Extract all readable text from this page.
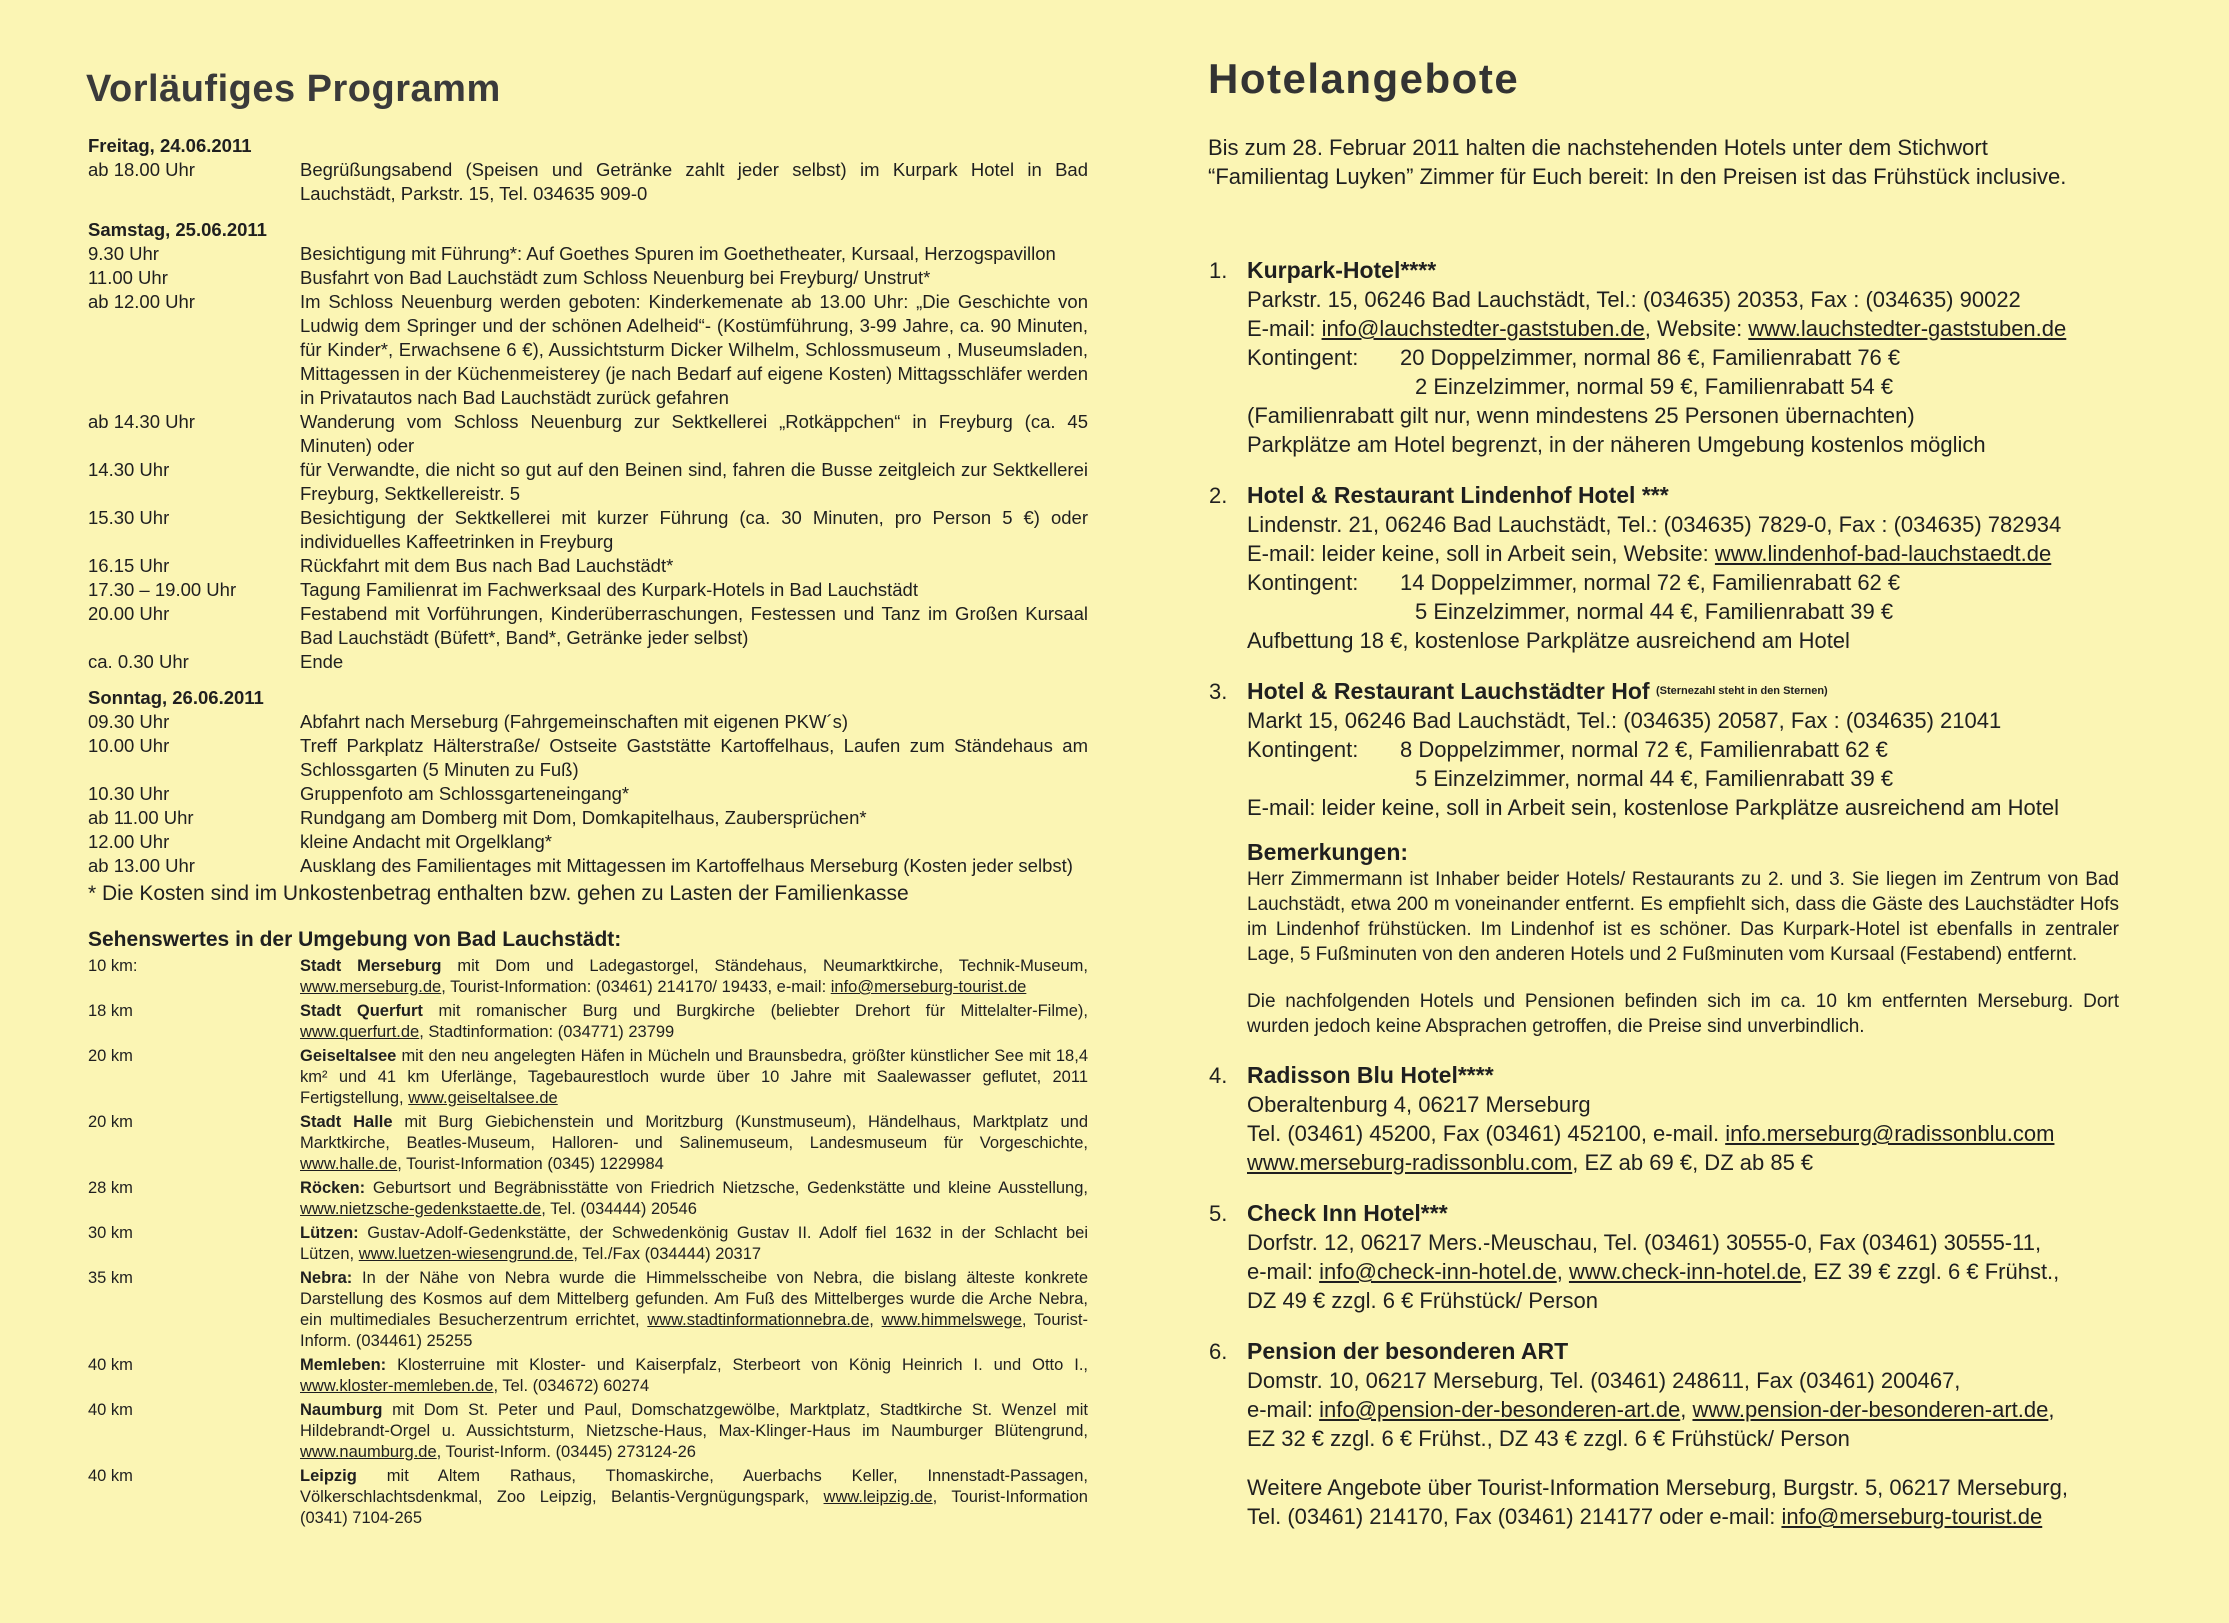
Vorläufiges Programm
Freitag, 24.06.2011
ab 18.00 Uhr	Begrüßungsabend (Speisen und Getränke zahlt jeder selbst) im Kurpark Hotel in Bad Lauchstädt, Parkstr. 15, Tel. 034635 909-0
Samstag, 25.06.2011
9.30 Uhr	Besichtigung mit Führung*: Auf Goethes Spuren im Goethetheater, Kursaal, Herzogspavillon
11.00 Uhr	Busfahrt von Bad Lauchstädt zum Schloss Neuenburg bei Freyburg/ Unstrut*
ab 12.00 Uhr	Im Schloss Neuenburg werden geboten: Kinderkemenate ab 13.00 Uhr: „Die Geschichte von Ludwig dem Springer und der schönen Adelheid“- (Kostümführung, 3-99 Jahre, ca. 90 Minuten, für Kinder*, Erwachsene 6 €), Aussichtsturm Dicker Wilhelm, Schlossmuseum , Museumsladen, Mittagessen in der Küchenmeisterey (je nach Bedarf auf eigene Kosten) Mittagsschläfer werden in Privatautos nach Bad Lauchstädt zurück gefahren
ab 14.30 Uhr	Wanderung vom Schloss Neuenburg zur Sektkellerei „Rotkäppchen“ in Freyburg (ca. 45 Minuten) oder
14.30 Uhr	für Verwandte, die nicht so gut auf den Beinen sind, fahren die Busse zeitgleich zur Sektkellerei Freyburg, Sektkellereistr. 5
15.30 Uhr	Besichtigung der Sektkellerei mit kurzer Führung (ca. 30 Minuten, pro Person 5 €) oder individuelles Kaffeetrinken in Freyburg
16.15 Uhr	Rückfahrt mit dem Bus nach Bad Lauchstädt*
17.30 – 19.00 Uhr	Tagung Familienrat im Fachwerksaal des Kurpark-Hotels in Bad Lauchstädt
20.00 Uhr	Festabend mit Vorführungen, Kinderüberraschungen, Festessen und Tanz im Großen Kursaal Bad Lauchstädt (Büfett*, Band*, Getränke jeder selbst)
ca. 0.30 Uhr	Ende
Sonntag, 26.06.2011
09.30 Uhr	Abfahrt nach Merseburg (Fahrgemeinschaften mit eigenen PKW´s)
10.00 Uhr	Treff Parkplatz Hälterstraße/ Ostseite Gaststätte Kartoffelhaus, Laufen zum Ständehaus am Schlossgarten (5 Minuten zu Fuß)
10.30 Uhr	Gruppenfoto am Schlossgarteneingang*
ab 11.00 Uhr	Rundgang am Domberg mit Dom, Domkapitelhaus, Zaubersprüchen*
12.00 Uhr	kleine Andacht mit Orgelklang*
ab 13.00 Uhr	Ausklang des Familientages mit Mittagessen im Kartoffelhaus Merseburg (Kosten jeder selbst)
* Die Kosten sind im Unkostenbetrag enthalten bzw. gehen zu Lasten der Familienkasse
Sehenswertes in der Umgebung von Bad Lauchstädt:
10 km:	Stadt Merseburg mit Dom und Ladegastorgel, Ständehaus, Neumarktkirche, Technik-Museum, www.merseburg.de, Tourist-Information: (03461) 214170/ 19433, e-mail: info@merseburg-tourist.de
18 km	Stadt Querfurt mit romanischer Burg und Burgkirche (beliebter Drehort für Mittelalter-Filme), www.querfurt.de, Stadtinformation: (034771) 23799
20 km	Geiseltalsee mit den neu angelegten Häfen in Mücheln und Braunsbedra, größter künstlicher See mit 18,4 km² und 41 km Uferlänge, Tagebaurestloch wurde über 10 Jahre mit Saalewasser geflutet, 2011 Fertigstellung, www.geiseltalsee.de
20 km	Stadt Halle mit Burg Giebichenstein und Moritzburg (Kunstmuseum), Händelhaus, Marktplatz und Marktkirche, Beatles-Museum, Halloren- und Salinemuseum, Landesmuseum für Vorgeschichte, www.halle.de, Tourist-Information (0345) 1229984
28 km	Röcken: Geburtsort und Begräbnisstätte von Friedrich Nietzsche, Gedenkstätte und kleine Ausstellung, www.nietzsche-gedenkstaette.de, Tel. (034444) 20546
30 km	Lützen: Gustav-Adolf-Gedenkstätte, der Schwedenkönig Gustav II. Adolf fiel 1632 in der Schlacht bei Lützen, www.luetzen-wiesengrund.de, Tel./Fax (034444) 20317
35 km	Nebra: In der Nähe von Nebra wurde die Himmelsscheibe von Nebra, die bislang älteste konkrete Darstellung des Kosmos auf dem Mittelberg gefunden. Am Fuß des Mittelberges wurde die Arche Nebra, ein multimediales Besucherzentrum errichtet, www.stadtinformationnebra.de, www.himmelswege, Tourist-Inform. (034461) 25255
40 km	Memleben: Klosterruine mit Kloster- und Kaiserpfalz, Sterbeort von König Heinrich I. und Otto I., www.kloster-memleben.de, Tel. (034672) 60274
40 km	Naumburg mit Dom St. Peter und Paul, Domschatzgewölbe, Marktplatz, Stadtkirche St. Wenzel mit Hildebrandt-Orgel u. Aussichtsturm, Nietzsche-Haus, Max-Klinger-Haus im Naumburger Blütengrund, www.naumburg.de, Tourist-Inform. (03445) 273124-26
40 km	Leipzig mit Altem Rathaus, Thomaskirche, Auerbachs Keller, Innenstadt-Passagen, Völkerschlachtsdenkmal, Zoo Leipzig, Belantis-Vergnügungspark, www.leipzig.de, Tourist-Information (0341) 7104-265
Hotelangebote
Bis zum 28. Februar 2011 halten die nachstehenden Hotels unter dem Stichwort “Familientag Luyken” Zimmer für Euch bereit: In den Preisen ist das Frühstück inclusive.
1. Kurpark-Hotel****
Parkstr. 15, 06246 Bad Lauchstädt, Tel.: (034635) 20353, Fax : (034635) 90022
E-mail: info@lauchstedter-gaststuben.de, Website: www.lauchstedter-gaststuben.de
Kontingent:	20 Doppelzimmer, normal 86 €, Familienrabatt 76 €
2 Einzelzimmer, normal 59 €, Familienrabatt 54 €
(Familienrabatt gilt nur, wenn mindestens 25 Personen übernachten)
Parkplätze am Hotel begrenzt, in der näheren Umgebung kostenlos möglich
2. Hotel & Restaurant Lindenhof Hotel ***
Lindenstr. 21, 06246 Bad Lauchstädt, Tel.: (034635) 7829-0, Fax : (034635) 782934
E-mail: leider keine, soll in Arbeit sein, Website: www.lindenhof-bad-lauchstaedt.de
Kontingent:	14 Doppelzimmer, normal 72 €, Familienrabatt 62 €
5 Einzelzimmer, normal 44 €, Familienrabatt 39 €
Aufbettung 18 €, kostenlose Parkplätze ausreichend am Hotel
3. Hotel & Restaurant Lauchstädter Hof $^{(Sternezahl steht in den Sternen)}$
Markt 15, 06246 Bad Lauchstädt, Tel.: (034635) 20587, Fax : (034635) 21041
Kontingent:	8 Doppelzimmer, normal 72 €, Familienrabatt 62 €
5 Einzelzimmer, normal 44 €, Familienrabatt 39 €
E-mail: leider keine, soll in Arbeit sein, kostenlose Parkplätze ausreichend am Hotel
Bemerkungen:
Herr Zimmermann ist Inhaber beider Hotels/ Restaurants zu 2. und 3. Sie liegen im Zentrum von Bad Lauchstädt, etwa 200 m voneinander entfernt. Es empfiehlt sich, dass die Gäste des Lauchstädter Hofs im Lindenhof frühstücken. Im Lindenhof ist es schöner. Das Kurpark-Hotel ist ebenfalls in zentraler Lage, 5 Fußminuten von den anderen Hotels und 2 Fußminuten vom Kursaal (Festabend) entfernt.
Die nachfolgenden Hotels und Pensionen befinden sich im ca. 10 km entfernten Merseburg. Dort wurden jedoch keine Absprachen getroffen, die Preise sind unverbindlich.
4. Radisson Blu Hotel****
Oberaltenburg 4, 06217 Merseburg
Tel. (03461) 45200, Fax (03461) 452100, e-mail. info.merseburg@radissonblu.com
www.merseburg-radissonblu.com, EZ ab 69 €, DZ ab 85 €
5. Check Inn Hotel***
Dorfstr. 12, 06217 Mers.-Meuschau, Tel. (03461) 30555-0, Fax (03461) 30555-11,
e-mail: info@check-inn-hotel.de, www.check-inn-hotel.de, EZ 39 € zzgl. 6 € Frühst.,
DZ 49 € zzgl. 6 € Frühstück/ Person
6. Pension der besonderen ART
Domstr. 10, 06217 Merseburg, Tel. (03461) 248611, Fax (03461) 200467,
e-mail: info@pension-der-besonderen-art.de, www.pension-der-besonderen-art.de,
EZ 32 € zzgl. 6 € Frühst., DZ 43 € zzgl. 6 € Frühstück/ Person
Weitere Angebote über Tourist-Information Merseburg, Burgstr. 5, 06217 Merseburg,
Tel. (03461) 214170, Fax (03461) 214177 oder e-mail: info@merseburg-tourist.de
